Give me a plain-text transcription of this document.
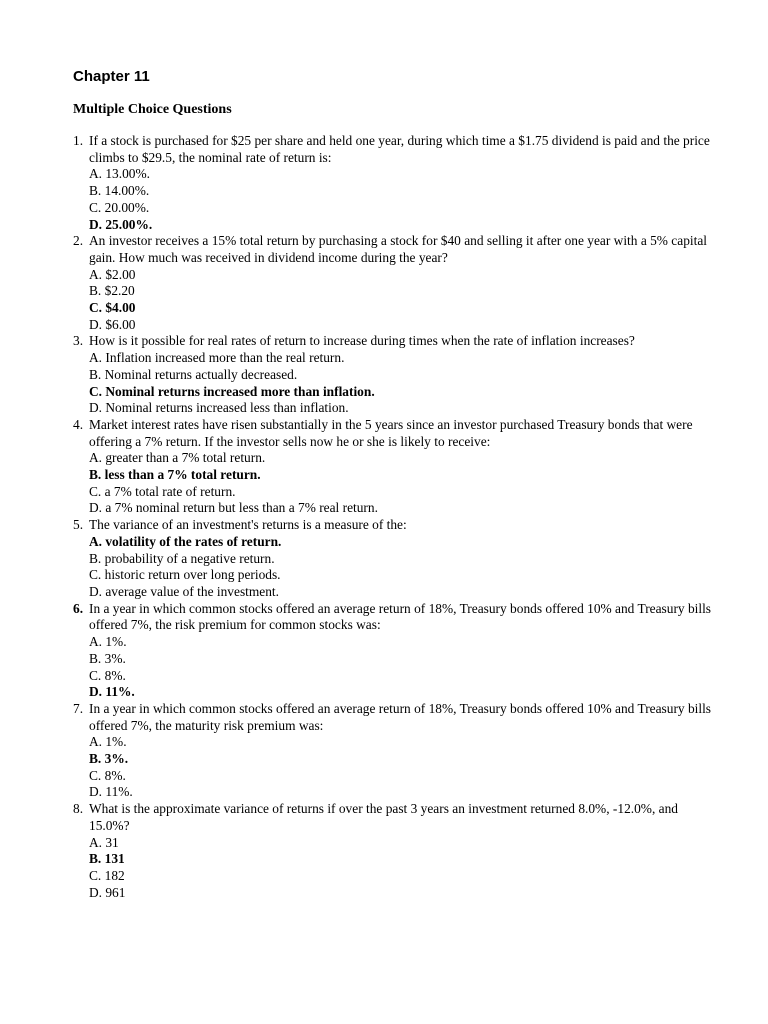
Chapter 11
Multiple Choice Questions
1. If a stock is purchased for $25 per share and held one year, during which time a $1.75 dividend is paid and the price climbs to $29.5, the nominal rate of return is:
A. 13.00%.
B. 14.00%.
C. 20.00%.
D. 25.00%.
2. An investor receives a 15% total return by purchasing a stock for $40 and selling it after one year with a 5% capital gain. How much was received in dividend income during the year?
A. $2.00
B. $2.20
C. $4.00
D. $6.00
3. How is it possible for real rates of return to increase during times when the rate of inflation increases?
A. Inflation increased more than the real return.
B. Nominal returns actually decreased.
C. Nominal returns increased more than inflation.
D. Nominal returns increased less than inflation.
4. Market interest rates have risen substantially in the 5 years since an investor purchased Treasury bonds that were offering a 7% return. If the investor sells now he or she is likely to receive:
A. greater than a 7% total return.
B. less than a 7% total return.
C. a 7% total rate of return.
D. a 7% nominal return but less than a 7% real return.
5. The variance of an investment's returns is a measure of the:
A. volatility of the rates of return.
B. probability of a negative return.
C. historic return over long periods.
D. average value of the investment.
6. In a year in which common stocks offered an average return of 18%, Treasury bonds offered 10% and Treasury bills offered 7%, the risk premium for common stocks was:
A. 1%.
B. 3%.
C. 8%.
D. 11%.
7. In a year in which common stocks offered an average return of 18%, Treasury bonds offered 10% and Treasury bills offered 7%, the maturity risk premium was:
A. 1%.
B. 3%.
C. 8%.
D. 11%.
8. What is the approximate variance of returns if over the past 3 years an investment returned 8.0%, -12.0%, and 15.0%?
A. 31
B. 131
C. 182
D. 961
